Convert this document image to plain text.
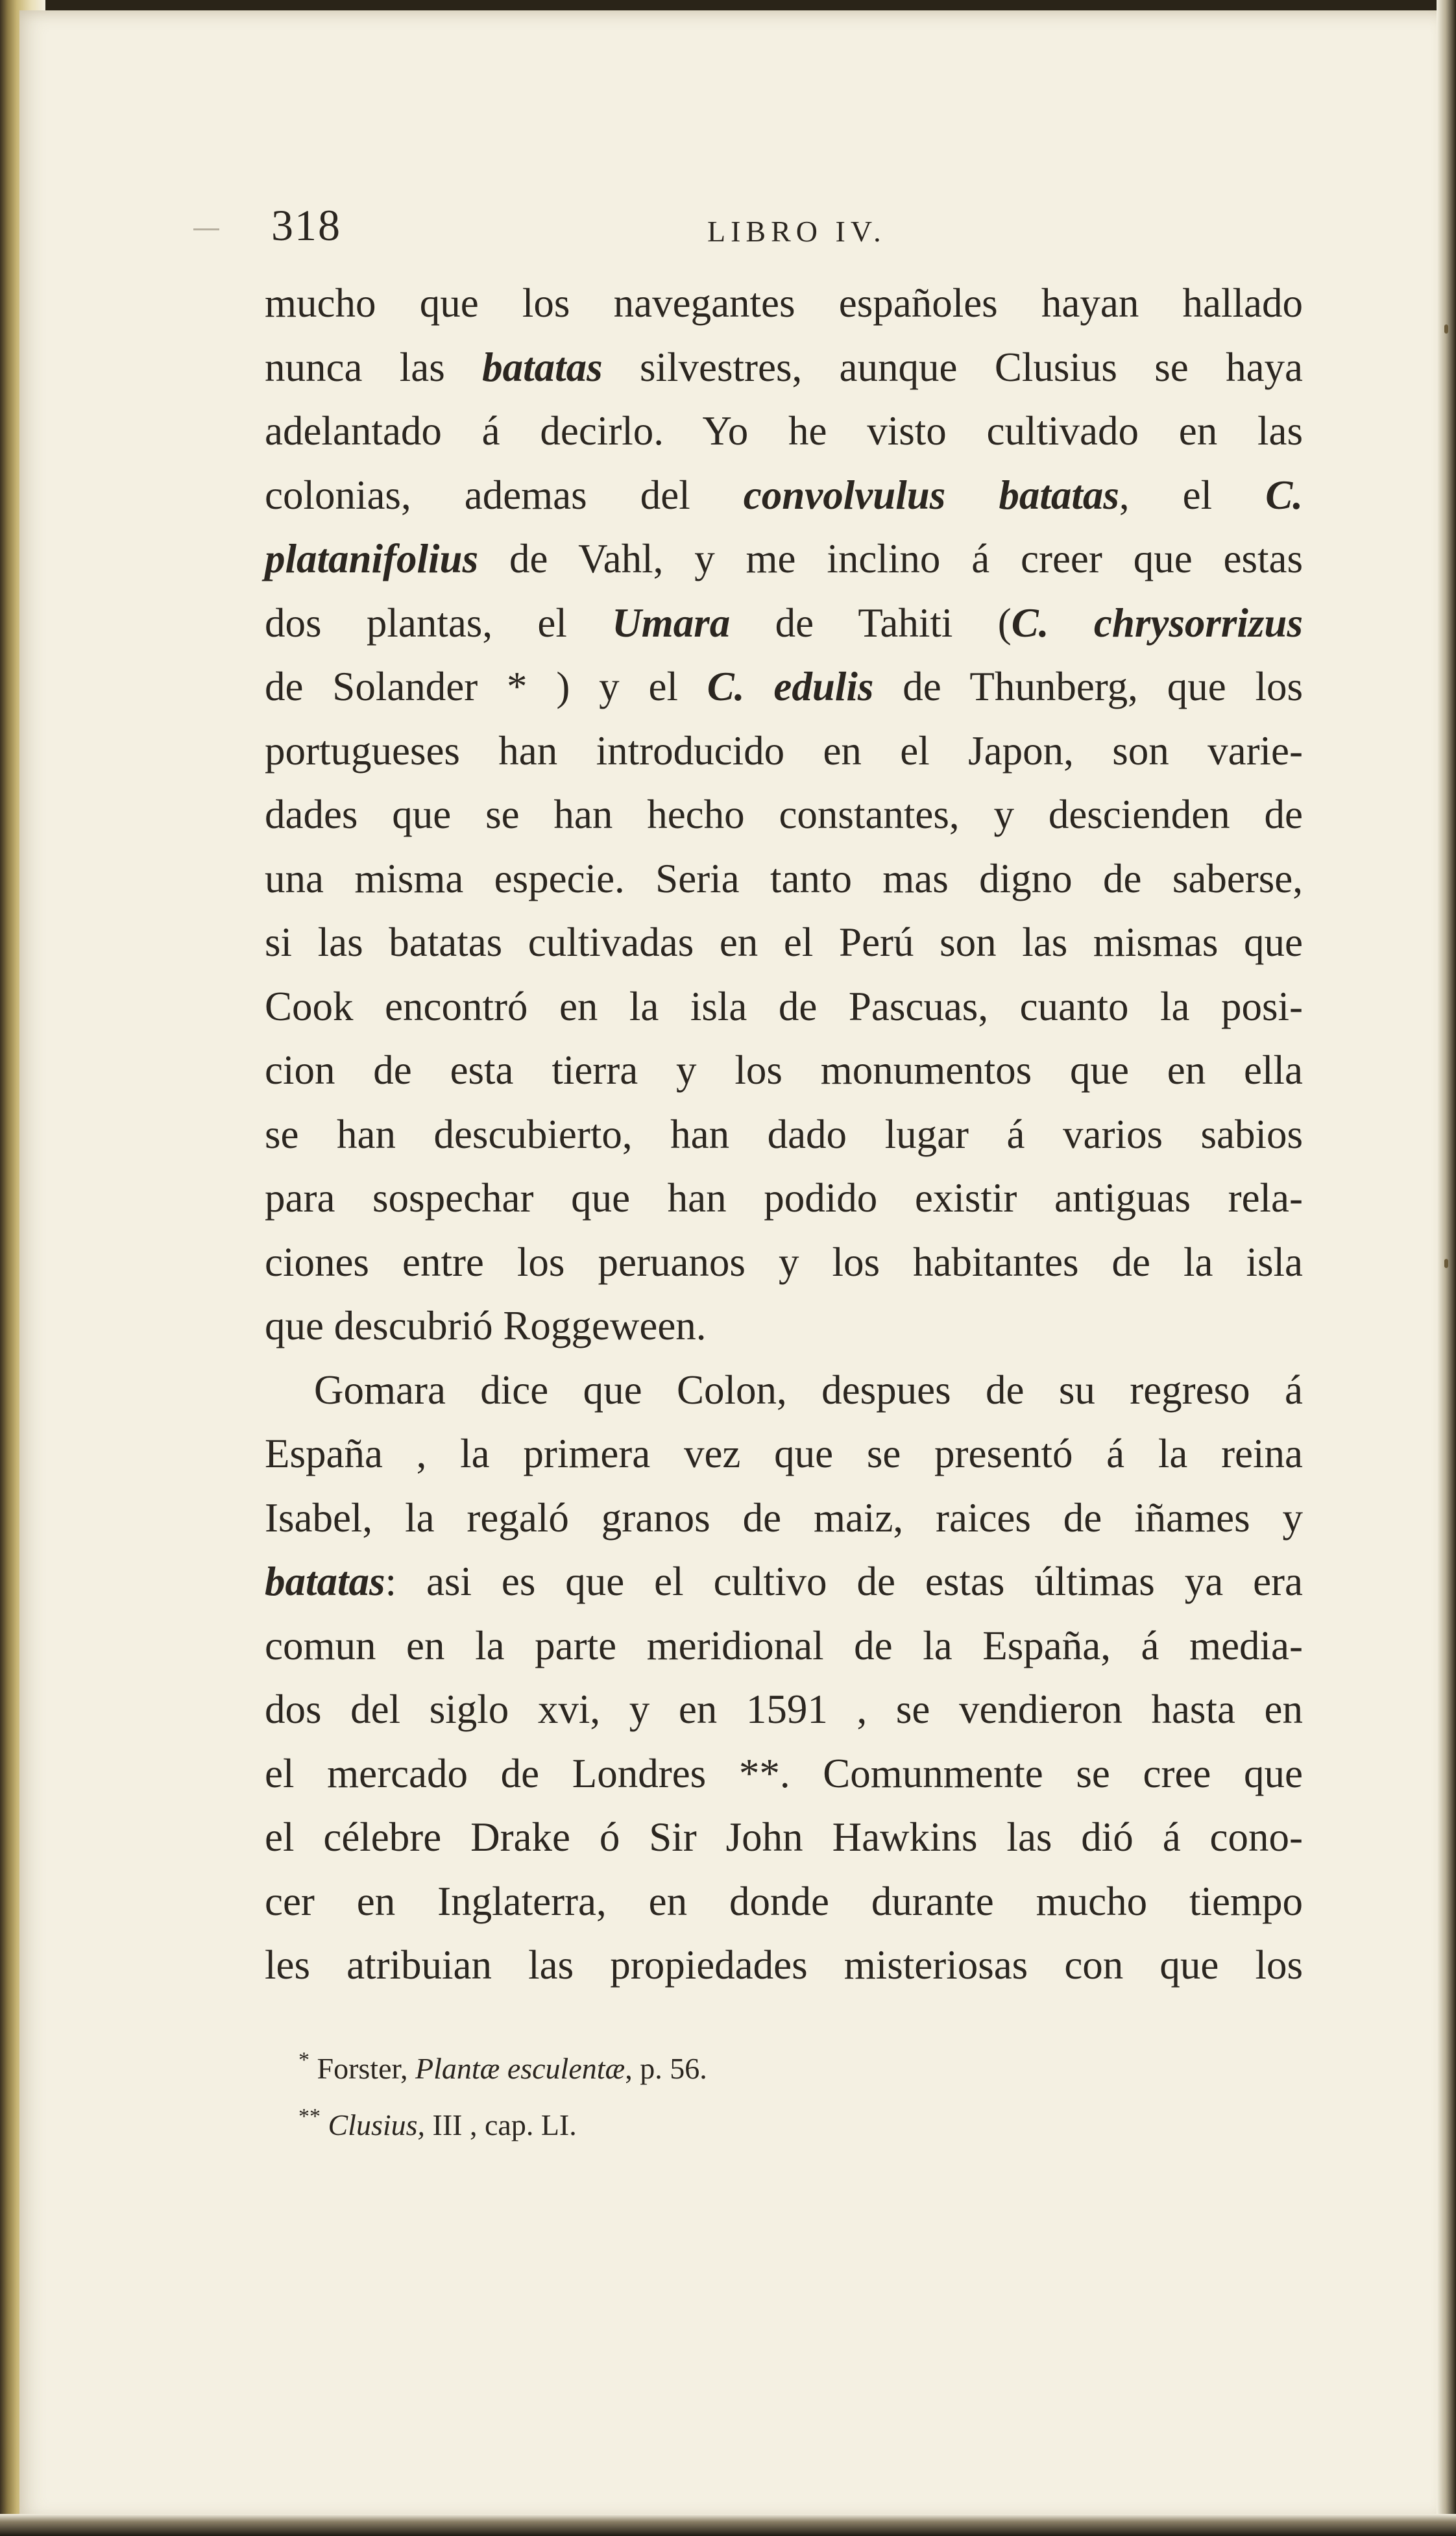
318	LIBRO IV.
mucho que los navegantes españoles hayan hallado
nunca las batatas silvestres, aunque Clusius se haya
adelantado á decirlo. Yo he visto cultivado en las
colonias, ademas del convolvulus batatas, el C.
platanifolius de Vahl, y me inclino á creer que estas
dos plantas, el Umara de Tahiti (C. chrysorrizus
de Solander * ) y el C. edulis de Thunberg, que los
portugueses han introducido en el Japon, son varie-
dades que se han hecho constantes, y descienden de
una misma especie. Seria tanto mas digno de saberse,
si las batatas cultivadas en el Perú son las mismas que
Cook encontró en la isla de Pascuas, cuanto la posi-
cion de esta tierra y los monumentos que en ella
se han descubierto, han dado lugar á varios sabios
para sospechar que han podido existir antiguas rela-
ciones entre los peruanos y los habitantes de la isla
que descubrió Roggeween.
Gomara dice que Colon, despues de su regreso á
España , la primera vez que se presentó á la reina
Isabel, la regaló granos de maiz, raices de iñames y
batatas: asi es que el cultivo de estas últimas ya era
comun en la parte meridional de la España, á media-
dos del siglo xvi, y en 1591 , se vendieron hasta en
el mercado de Londres **. Comunmente se cree que
el célebre Drake ó Sir John Hawkins las dió á cono-
cer en Inglaterra, en donde durante mucho tiempo
les atribuian las propiedades misteriosas con que los
* Forster, Plantæ esculentæ, p. 56.
** Clusius, III , cap. LI.
